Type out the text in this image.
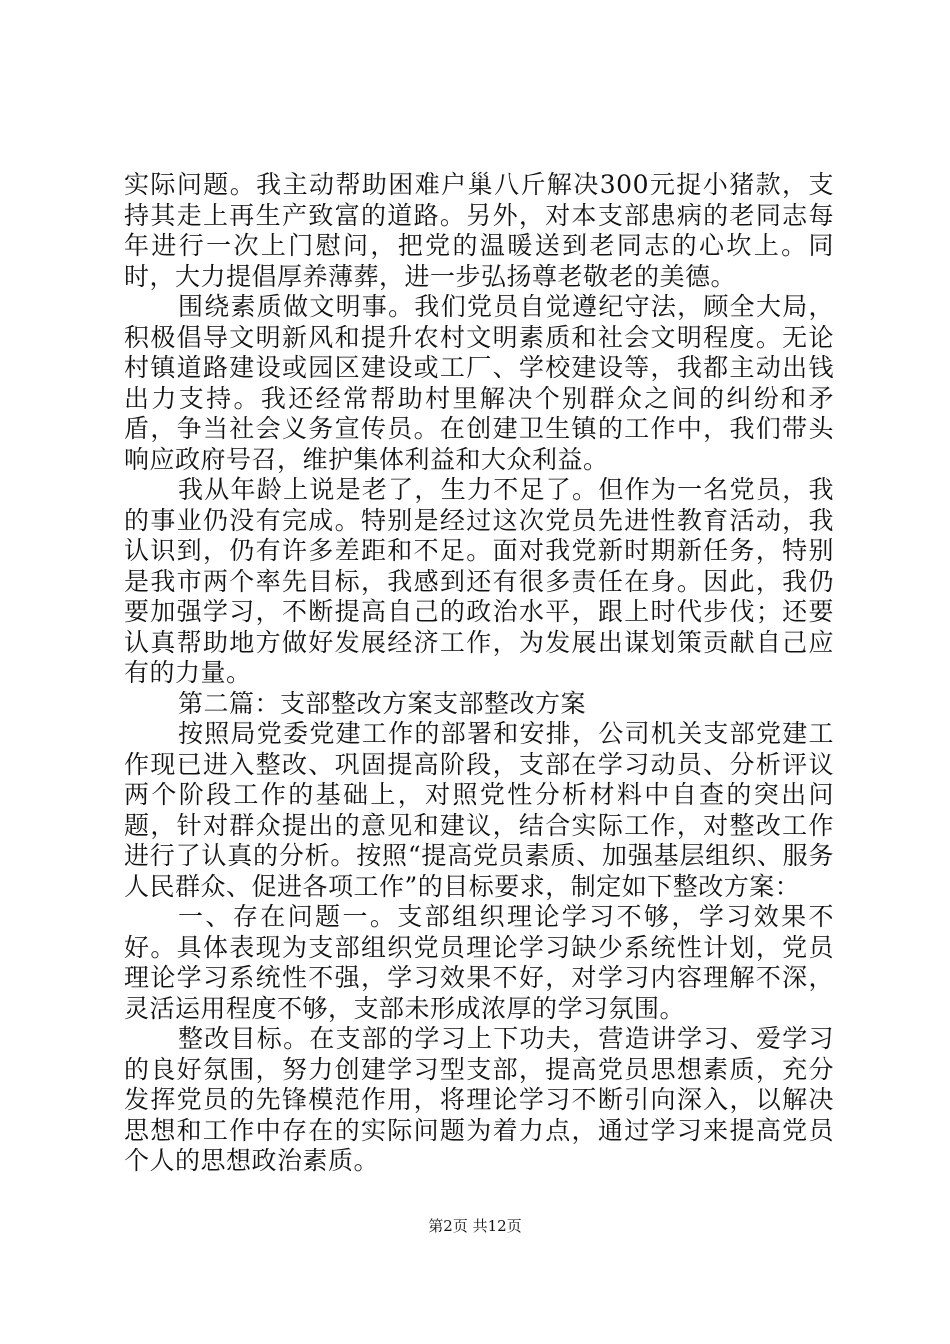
实际问题。我主动帮助困难户巢八斤解决300元捉小猪款，支持其走上再生产致富的道路。另外，对本支部患病的老同志每年进行一次上门慰问，把党的温暖送到老同志的心坎上。同时，大力提倡厚养薄葬，进一步弘扬尊老敬老的美德。

围绕素质做文明事。我们党员自觉遵纪守法，顾全大局，积极倡导文明新风和提升农村文明素质和社会文明程度。无论村镇道路建设或园区建设或工厂、学校建设等，我都主动出钱出力支持。我还经常帮助村里解决个别群众之间的纠纷和矛盾，争当社会义务宣传员。在创建卫生镇的工作中，我们带头响应政府号召，维护集体利益和大众利益。

我从年龄上说是老了，生力不足了。但作为一名党员，我的事业仍没有完成。特别是经过这次党员先进性教育活动，我认识到，仍有许多差距和不足。面对我党新时期新任务，特别是我市两个率先目标，我感到还有很多责任在身。因此，我仍要加强学习，不断提高自己的政治水平，跟上时代步伐；还要认真帮助地方做好发展经济工作，为发展出谋划策贡献自己应有的力量。

第二篇：支部整改方案支部整改方案

按照局党委党建工作的部署和安排，公司机关支部党建工作现已进入整改、巩固提高阶段，支部在学习动员、分析评议两个阶段工作的基础上，对照党性分析材料中自查的突出问题，针对群众提出的意见和建议，结合实际工作，对整改工作进行了认真的分析。按照“提高党员素质、加强基层组织、服务人民群众、促进各项工作”的目标要求，制定如下整改方案：

一、存在问题一。支部组织理论学习不够，学习效果不好。具体表现为支部组织党员理论学习缺少系统性计划，党员理论学习系统性不强，学习效果不好，对学习内容理解不深，灵活运用程度不够，支部未形成浓厚的学习氛围。

整改目标。在支部的学习上下功夫，营造讲学习、爱学习的良好氛围，努力创建学习型支部，提高党员思想素质，充分发挥党员的先锋模范作用，将理论学习不断引向深入，以解决思想和工作中存在的实际问题为着力点，通过学习来提高党员个人的思想政治素质。

第2页 共12页
